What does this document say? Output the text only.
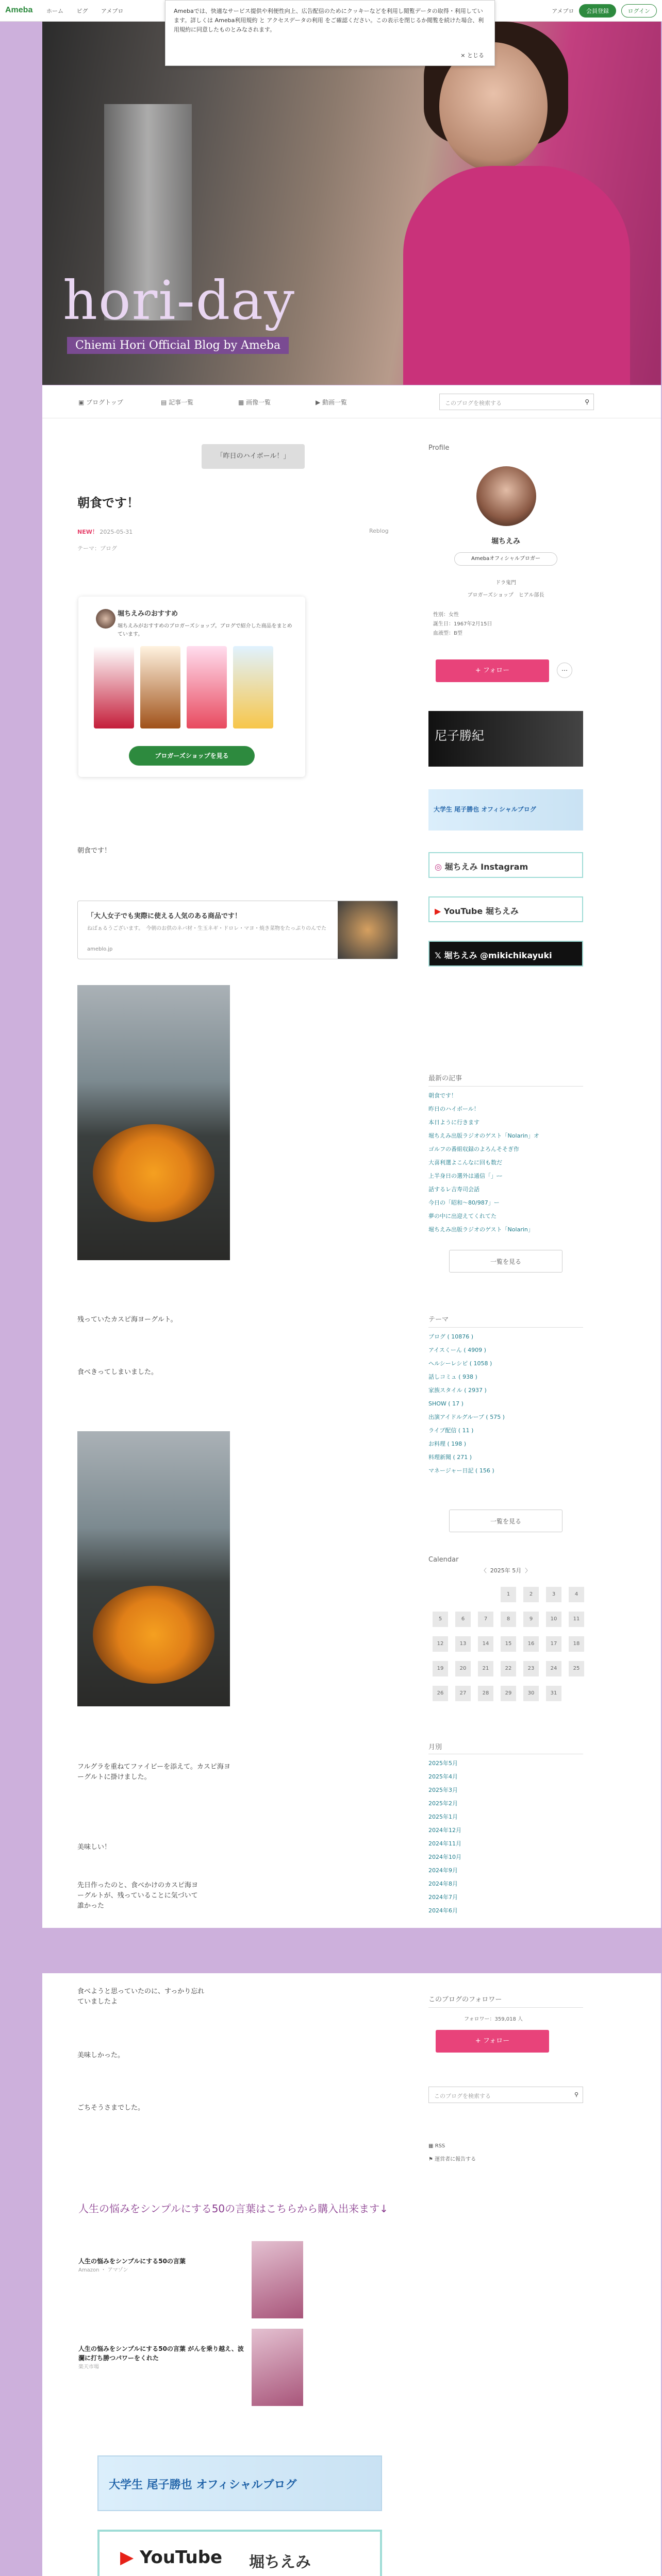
Ameba ホーム ピグ アメプロ	アメブロ 会員登録	ログイン
Amebaでは、快適なサービス提供や利便性向上、広告配信のためにクッキーなどを利用し閲覧データの取得・利用しています。詳しくは Ameba利用規約 と アクセスデータの利用 をご確認ください。この表示を閉じるか閲覧を続けた場合、利用規約に同意したものとみなされます。
× とじる
hori-day
Chiemi Hori Official Blog by Ameba
▣ ブログトップ	▤ 記事一覧	▦ 画像一覧	▶ 動画一覧	このブログを検索する	⚲
「昨日のハイボール！」
朝食です！
NEW！ 2025-05-31
テーマ：ブログ
Reblog
堀ちえみのおすすめ
堀ちえみがおすすめのブロガーズショップ。ブログで紹介した商品をまとめています。
ブロガーズショップを見る
朝食です！
「大人女子でも実際に使える人気のある商品です！
ねばぁるうございます。　今朝のお供のネバ材・生玉ネギ・ドロレ・マヨ・焼き菜物をたっぷりのんでた
ameblo.jp
残っていたカスピ海ヨーグルト。
食べきってしまいました。
フルグラを重ねてファイビーを添えて。カスピ海ヨーグルトに掛けました。
美味しい！
先日作ったのと、食べかけのカスピ海ヨーグルトが、残っていることに気づいて誰かった
食べようと思っていたのに、すっかり忘れていましたよ
美味しかった。
ごちそうさまでした。
人生の悩みをシンプルにする50の言葉はこちらから購入出来ます↓
人生の悩みをシンプルにする50の言葉
Amazon ・ アマゾン
人生の悩みをシンプルにする50の言葉 がんを乗り越え、波瀾に打ち勝つパワーをくれた
楽天市場
大学生 尾子勝也 オフィシャルブログ
▶ YouTube 堀ちえみ

Profile
堀ちえみ
Amebaオフィシャルブロガー
ドラ鬼門
ブロガーズショップ　ヒアル部長
性別：女性
誕生日：1967年2月15日
血液型：B型
+ フォロー	⋯
尼子勝紀
大学生 尾子勝也 オフィシャルブログ
◎ 堀ちえみ Instagram
▶ YouTube 堀ちえみ
𝕏 堀ちえみ @mikichikayuki
最新の記事
朝食です！
昨日のハイボール！
本日ように行きます
堀ちえみ出版ラジオのゲスト「Nolarin」オ
ゴルフの番組収録のよろんそそぎ作
大喜利選よこんなに回も数だ
上半身日の選外は通信「」ｰｰ
話するレ吉寿司会話
今日の「昭和〜80/987」ー
夢の中に出迎えてくれてた
堀ちえみ出版ラジオのゲスト「Nolarin」
一覧を見る
テーマ
ブログ ( 10876 )
アイスくーん ( 4909 )
ヘルシーレシピ ( 1058 )
話しコミュ ( 938 )
家族スタイル ( 2937 )
SHOW ( 17 )
出演アイドルグループ ( 575 )
ライブ配信 ( 11 )
お料理 ( 198 )
料理新聞 ( 271 )
マネージャー日記 ( 156 )
一覧を見る
Calendar
〈 2025年 5月 〉
			1	2	3	4
5	6	7	8	9	10	11
12	13	14	15	16	17	18
19	20	21	22	23	24	25
26	27	28	29	30	31	
月別
2025年5月
2025年4月
2025年3月
2025年2月
2025年1月
2024年12月
2024年11月
2024年10月
2024年9月
2024年8月
2024年7月
2024年6月
このブログのフォロワー
フォロワー：359,018 人
+ フォロー
このブログを検索する	⚲
▦ RSS
⚑ 運営者に報告する
